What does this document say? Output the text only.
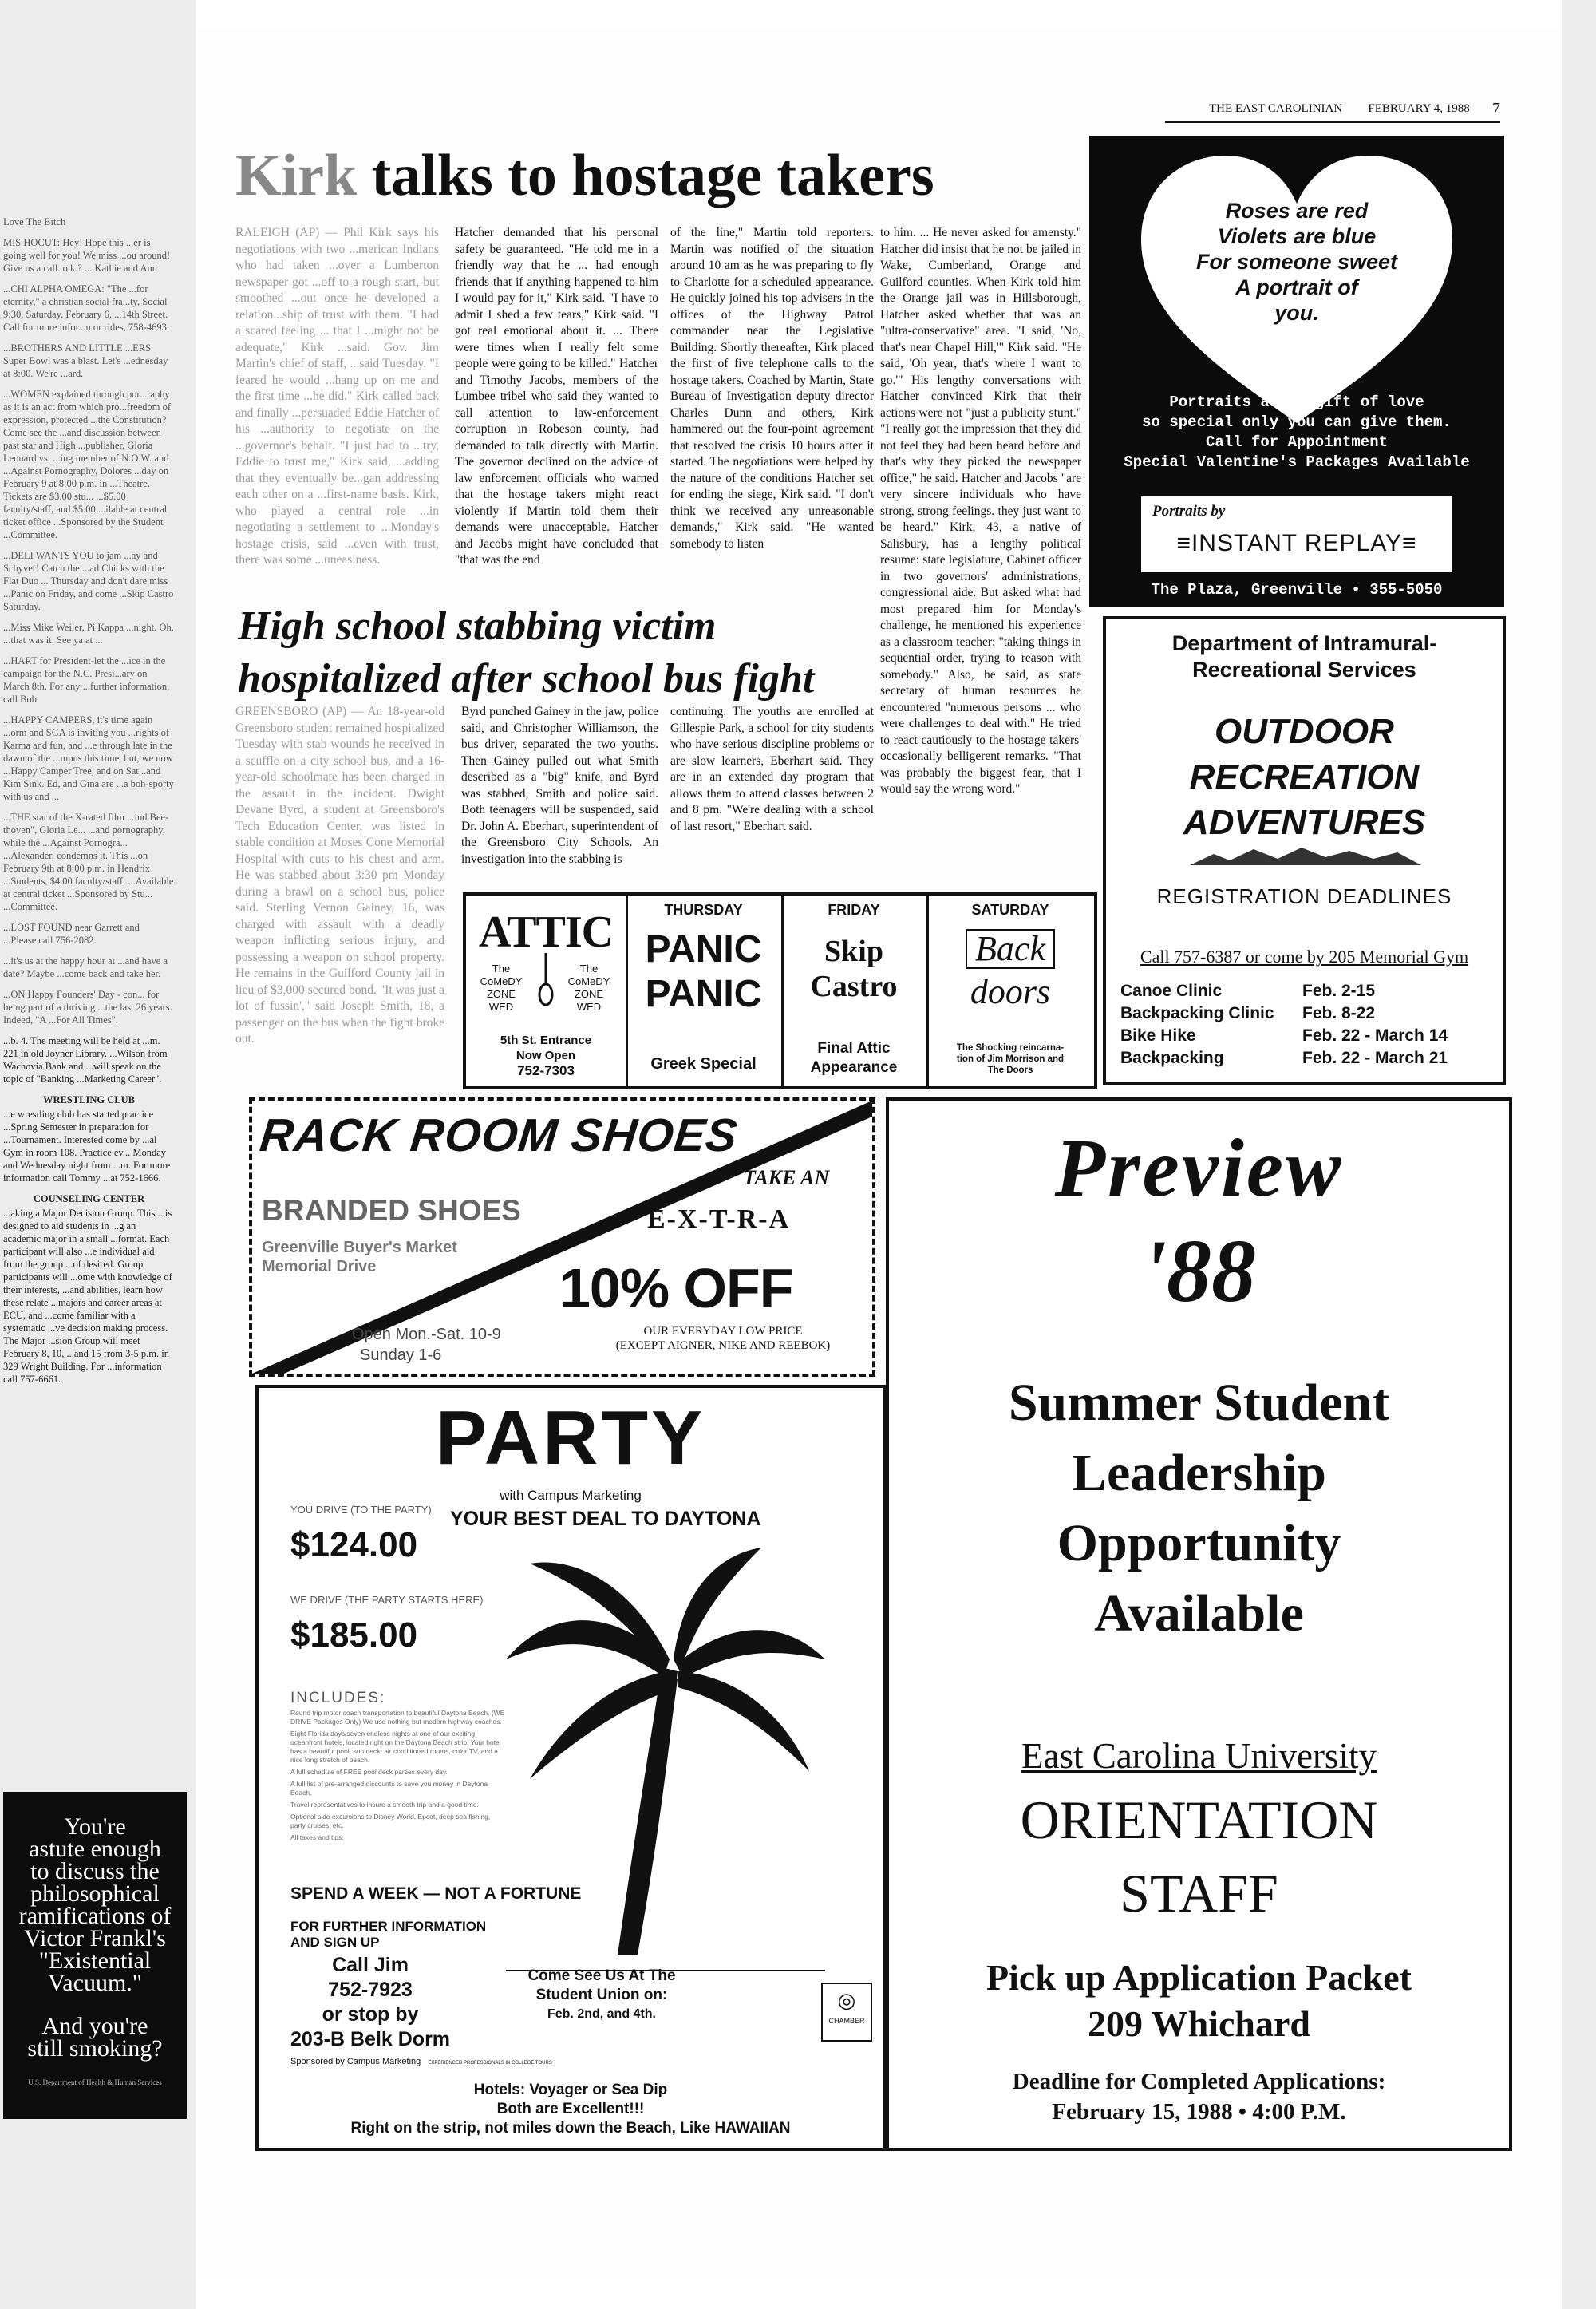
Love The Bitch

MIS HOCUT: Hey! Hope this ...er is going well for you! We miss ...ou around! Give us a call. o.k.? ... Kathie and Ann

...CHI ALPHA OMEGA: "The ...for eternity," a christian social fra...ty, Social 9:30, Saturday, February 6, ...14th Street. Call for more infor...n or rides, 758-4693.

...BROTHERS AND LITTLE ...ERS Super Bowl was a blast. Let's ...ednesday at 8:00. We're ...ard.

...WOMEN explained through por...raphy as it is an act from which pro...freedom of expression, protected ...the Constitution? Come see the ...and discussion between past star and High ...publisher, Gloria Leonard vs. ...ing member of N.O.W. and ...Against Pornography, Dolores ...day on February 9 at 8:00 p.m. in ...Theatre. Tickets are $3.00 stu... ...$5.00 faculty/staff, and $5.00 ...ilable at central ticket office ...Sponsored by the Student ...Committee.

...DELI WANTS YOU to jam ...ay and Schyver! Catch the ...ad Chicks with the Flat Duo ... Thursday and don't dare miss ...Panic on Friday, and come ...Skip Castro Saturday.

...Miss Mike Weiler, Pi Kappa ...night. Oh, ...that was it. See ya at ...

...HART for President-let the ...ice in the campaign for the N.C. Presi...ary on March 8th. For any ...further information, call Bob

...HAPPY CAMPERS, it's time again ...orm and SGA is inviting you ...rights of Karma and fun, and ...e through late in the dawn of the ...mpus this time, but, we now ...Happy Camper Tree, and on Sat...and Kim Sink. Ed, and Gina are ...a boh-sporty with us and ...

...THE star of the X-rated film ...ind Bee-thoven", Gloria Le... ...and pornography, while the ...Against Pornogra... ...Alexander, condemns it. This ...on February 9th at 8:00 p.m. in Hendrix ...Students, $4.00 faculty/staff, ...Available at central ticket ...Sponsored by Stu... ...Committee.

...LOST FOUND near Garrett and ...Please call 756-2082.

...it's us at the happy hour at ...and have a date? Maybe ...come back and take her.

...ON Happy Founders' Day - con... for being part of a thriving ...the last 26 years. Indeed, "A ...For All Times".

...b. 4. The meeting will be held at ...m. 221 in old Joyner Library. ...Wilson from Wachovia Bank and ...will speak on the topic of "Banking ...Marketing Career".

WRESTLING CLUB

...e wrestling club has started practice ...Spring Semester in preparation for ...Tournament. Interested come by ...al Gym in room 108. Practice ev... Monday and Wednesday night from ...m. For more information call Tommy ...at 752-1666.

COUNSELING CENTER

...aking a Major Decision Group. This ...is designed to aid students in ...g an academic major in a small ...format. Each participant will also ...e individual aid from the group ...of desired. Group participants will ...ome with knowledge of their interests, ...and abilities, learn how these relate ...majors and career areas at ECU, and ...come familiar with a systematic ...ve decision making process. The Major ...sion Group will meet February 8, 10, ...and 15 from 3-5 p.m. in 329 Wright Building. For ...information call 757-6661.

You're
astute enough
to discuss the
philosophical
ramifications of
Victor Frankl's
"Existential
Vacuum."
And you're
still smoking?
U.S. Department of Health & Human Services
THE EAST CAROLINIAN FEBRUARY 4, 1988 7
Kirk talks to hostage takers
RALEIGH (AP) — Phil Kirk says his negotiations with two ...merican Indians who had taken ...over a Lumberton newspaper got ...off to a rough start, but smoothed ...out once he developed a relation...ship of trust with them. "I had a scared feeling ... that I ...might not be adequate," Kirk ...said. Gov. Jim Martin's chief of staff, ...said Tuesday. "I feared he would ...hang up on me and the first time ...he did." Kirk called back and finally ...persuaded Eddie Hatcher of his ...authority to negotiate on the ...governor's behalf. "I just had to ...try, Eddie to trust me," Kirk said, ...adding that they eventually be...gan addressing each other on a ...first-name basis. Kirk, who played a central role ...in negotiating a settlement to ...Monday's hostage crisis, said ...even with trust, there was some ...uneasiness.
Hatcher demanded that his personal safety be guaranteed. "He told me in a friendly way that he ... had enough friends that if anything happened to him I would pay for it," Kirk said. "I have to admit I shed a few tears," Kirk said. "I got real emotional about it. ... There were times when I really felt some people were going to be killed." Hatcher and Timothy Jacobs, members of the Lumbee tribel who said they wanted to call attention to law-enforcement corruption in Robeson county, had demanded to talk directly with Martin. The governor declined on the advice of law enforcement officials who warned that the hostage takers might react violently if Martin told them their demands were unacceptable. Hatcher and Jacobs might have concluded that "that was the end
of the line," Martin told reporters. Martin was notified of the situation around 10 am as he was preparing to fly to Charlotte for a scheduled appearance. He quickly joined his top advisers in the offices of the Highway Patrol commander near the Legislative Building. Shortly thereafter, Kirk placed the first of five telephone calls to the hostage takers. Coached by Martin, State Bureau of Investigation deputy director Charles Dunn and others, Kirk hammered out the four-point agreement that resolved the crisis 10 hours after it started. The negotiations were helped by the nature of the conditions Hatcher set for ending the siege, Kirk said. "I don't think we received any unreasonable demands," Kirk said. "He wanted somebody to listen
to him. ... He never asked for amensty." Hatcher did insist that he not be jailed in Wake, Cumberland, Orange and Guilford counties. When Kirk told him the Orange jail was in Hillsborough, Hatcher asked whether that was an "ultra-conservative" area. "I said, 'No, that's near Chapel Hill,'" Kirk said. "He said, 'Oh year, that's where I want to go.'" His lengthy conversations with Hatcher convinced Kirk that their actions were not "just a publicity stunt." "I really got the impression that they did not feel they had been heard before and that's why they picked the newspaper office," he said. Hatcher and Jacobs "are very sincere individuals who have strong, strong feelings. they just want to be heard." Kirk, 43, a native of Salisbury, has a lengthy political resume: state legislature, Cabinet officer in two governors' administrations, congressional aide. But asked what had most prepared him for Monday's challenge, he mentioned his experience as a classroom teacher: "taking things in sequential order, trying to reason with somebody." Also, he said, as state secretary of human resources he encountered "numerous persons ... who were challenges to deal with." He tried to react cautiously to the hostage takers' occasionally belligerent remarks. "That was probably the biggest fear, that I would say the wrong word."
High school stabbing victim
hospitalized after school bus fight
GREENSBORO (AP) — An 18-year-old Greensboro student remained hospitalized Tuesday with stab wounds he received in a scuffle on a city school bus, and a 16-year-old schoolmate has been charged in the assault in the incident. Dwight Devane Byrd, a student at Greensboro's Tech Education Center, was listed in stable condition at Moses Cone Memorial Hospital with cuts to his chest and arm. He was stabbed about 3:30 pm Monday during a brawl on a school bus, police said. Sterling Vernon Gainey, 16, was charged with assault with a deadly weapon inflicting serious injury, and possessing a weapon on school property. He remains in the Guilford County jail in lieu of $3,000 secured bond. "It was just a lot of fussin'," said Joseph Smith, 18, a passenger on the bus when the fight broke out.
Byrd punched Gainey in the jaw, police said, and Christopher Williamson, the bus driver, separated the two youths. Then Gainey pulled out what Smith described as a "big" knife, and Byrd was stabbed, Smith and police said. Both teenagers will be suspended, said Dr. John A. Eberhart, superintendent of the Greensboro City Schools. An investigation into the stabbing is
continuing. The youths are enrolled at Gillespie Park, a school for city students who have serious discipline problems or are slow learners, Eberhart said. They are in an extended day program that allows them to attend classes between 2 and 8 pm. "We're dealing with a school of last resort," Eberhart said.
Roses are red
Violets are blue
For someone sweet
A portrait of
you.
Portraits are a gift of love
so special only you can give them.
Call for Appointment
Special Valentine's Packages Available
Portraits by
≡INSTANT REPLAY≡
The Plaza, Greenville • 355-5050
Department of Intramural-
Recreational Services
OUTDOOR
RECREATION
ADVENTURES
REGISTRATION DEADLINES
Call 757-6387 or come by 205 Memorial Gym
Canoe Clinic	Feb. 2-15
Backpacking Clinic	Feb. 8-22
Bike Hike	Feb. 22 - March 14
Backpacking	Feb. 22 - March 21
ATTIC
The CoMeDY ZONE
WED
The CoMeDY ZONE
WED
5th St. Entrance
Now Open
752-7303
THURSDAY
PANIC
PANIC
Greek Special
FRIDAY
Skip
Castro
Final Attic
Appearance
SATURDAY
Back
doors
The Shocking reincarna-
tion of Jim Morrison and
The Doors
RACK ROOM SHOES
TAKE AN
BRANDED SHOES	E-X-T-R-A
Greenville Buyer's Market
Memorial Drive	10% OFF
OUR EVERYDAY LOW PRICE
(EXCEPT AIGNER, NIKE AND REEBOK)
Open Mon.-Sat. 10-9
Sunday 1-6
PARTY
with Campus Marketing
YOUR BEST DEAL TO DAYTONA
YOU DRIVE (TO THE PARTY)
$124.00
WE DRIVE (THE PARTY STARTS HERE)
$185.00
INCLUDES:
Round trip motor coach transportation to beautiful Daytona Beach. (WE DRIVE Packages Only) We use nothing but modern highway coaches.
Eight Florida days/seven endless nights at one of our exciting oceanfront hotels, located right on the Daytona Beach strip. Your hotel has a beautiful pool, sun deck, air conditioned rooms, color TV, and a nice long stretch of beach.
A full schedule of FREE pool deck parties every day.
A full list of pre-arranged discounts to save you money in Daytona Beach.
Travel representatives to insure a smooth trip and a good time.
Optional side excursions to Disney World, Epcot, deep sea fishing, party cruises, etc.
All taxes and tips.
SPEND A WEEK — NOT A FORTUNE
FOR FURTHER INFORMATION
AND SIGN UP
Call Jim
752-7923
or stop by
203-B Belk Dorm
Sponsored by Campus Marketing EXPERIENCED PROFESSIONALS IN COLLEGE TOURS
Come See Us At The
Student Union on:
Feb. 2nd, and 4th.
◎
CHAMBER
Hotels: Voyager or Sea Dip
Both are Excellent!!!
Right on the strip, not miles down the Beach, Like HAWAIIAN
Preview
'88
Summer Student
Leadership
Opportunity
Available
East Carolina University
ORIENTATION
STAFF
Pick up Application Packet
209 Whichard
Deadline for Completed Applications:
February 15, 1988 • 4:00 P.M.
